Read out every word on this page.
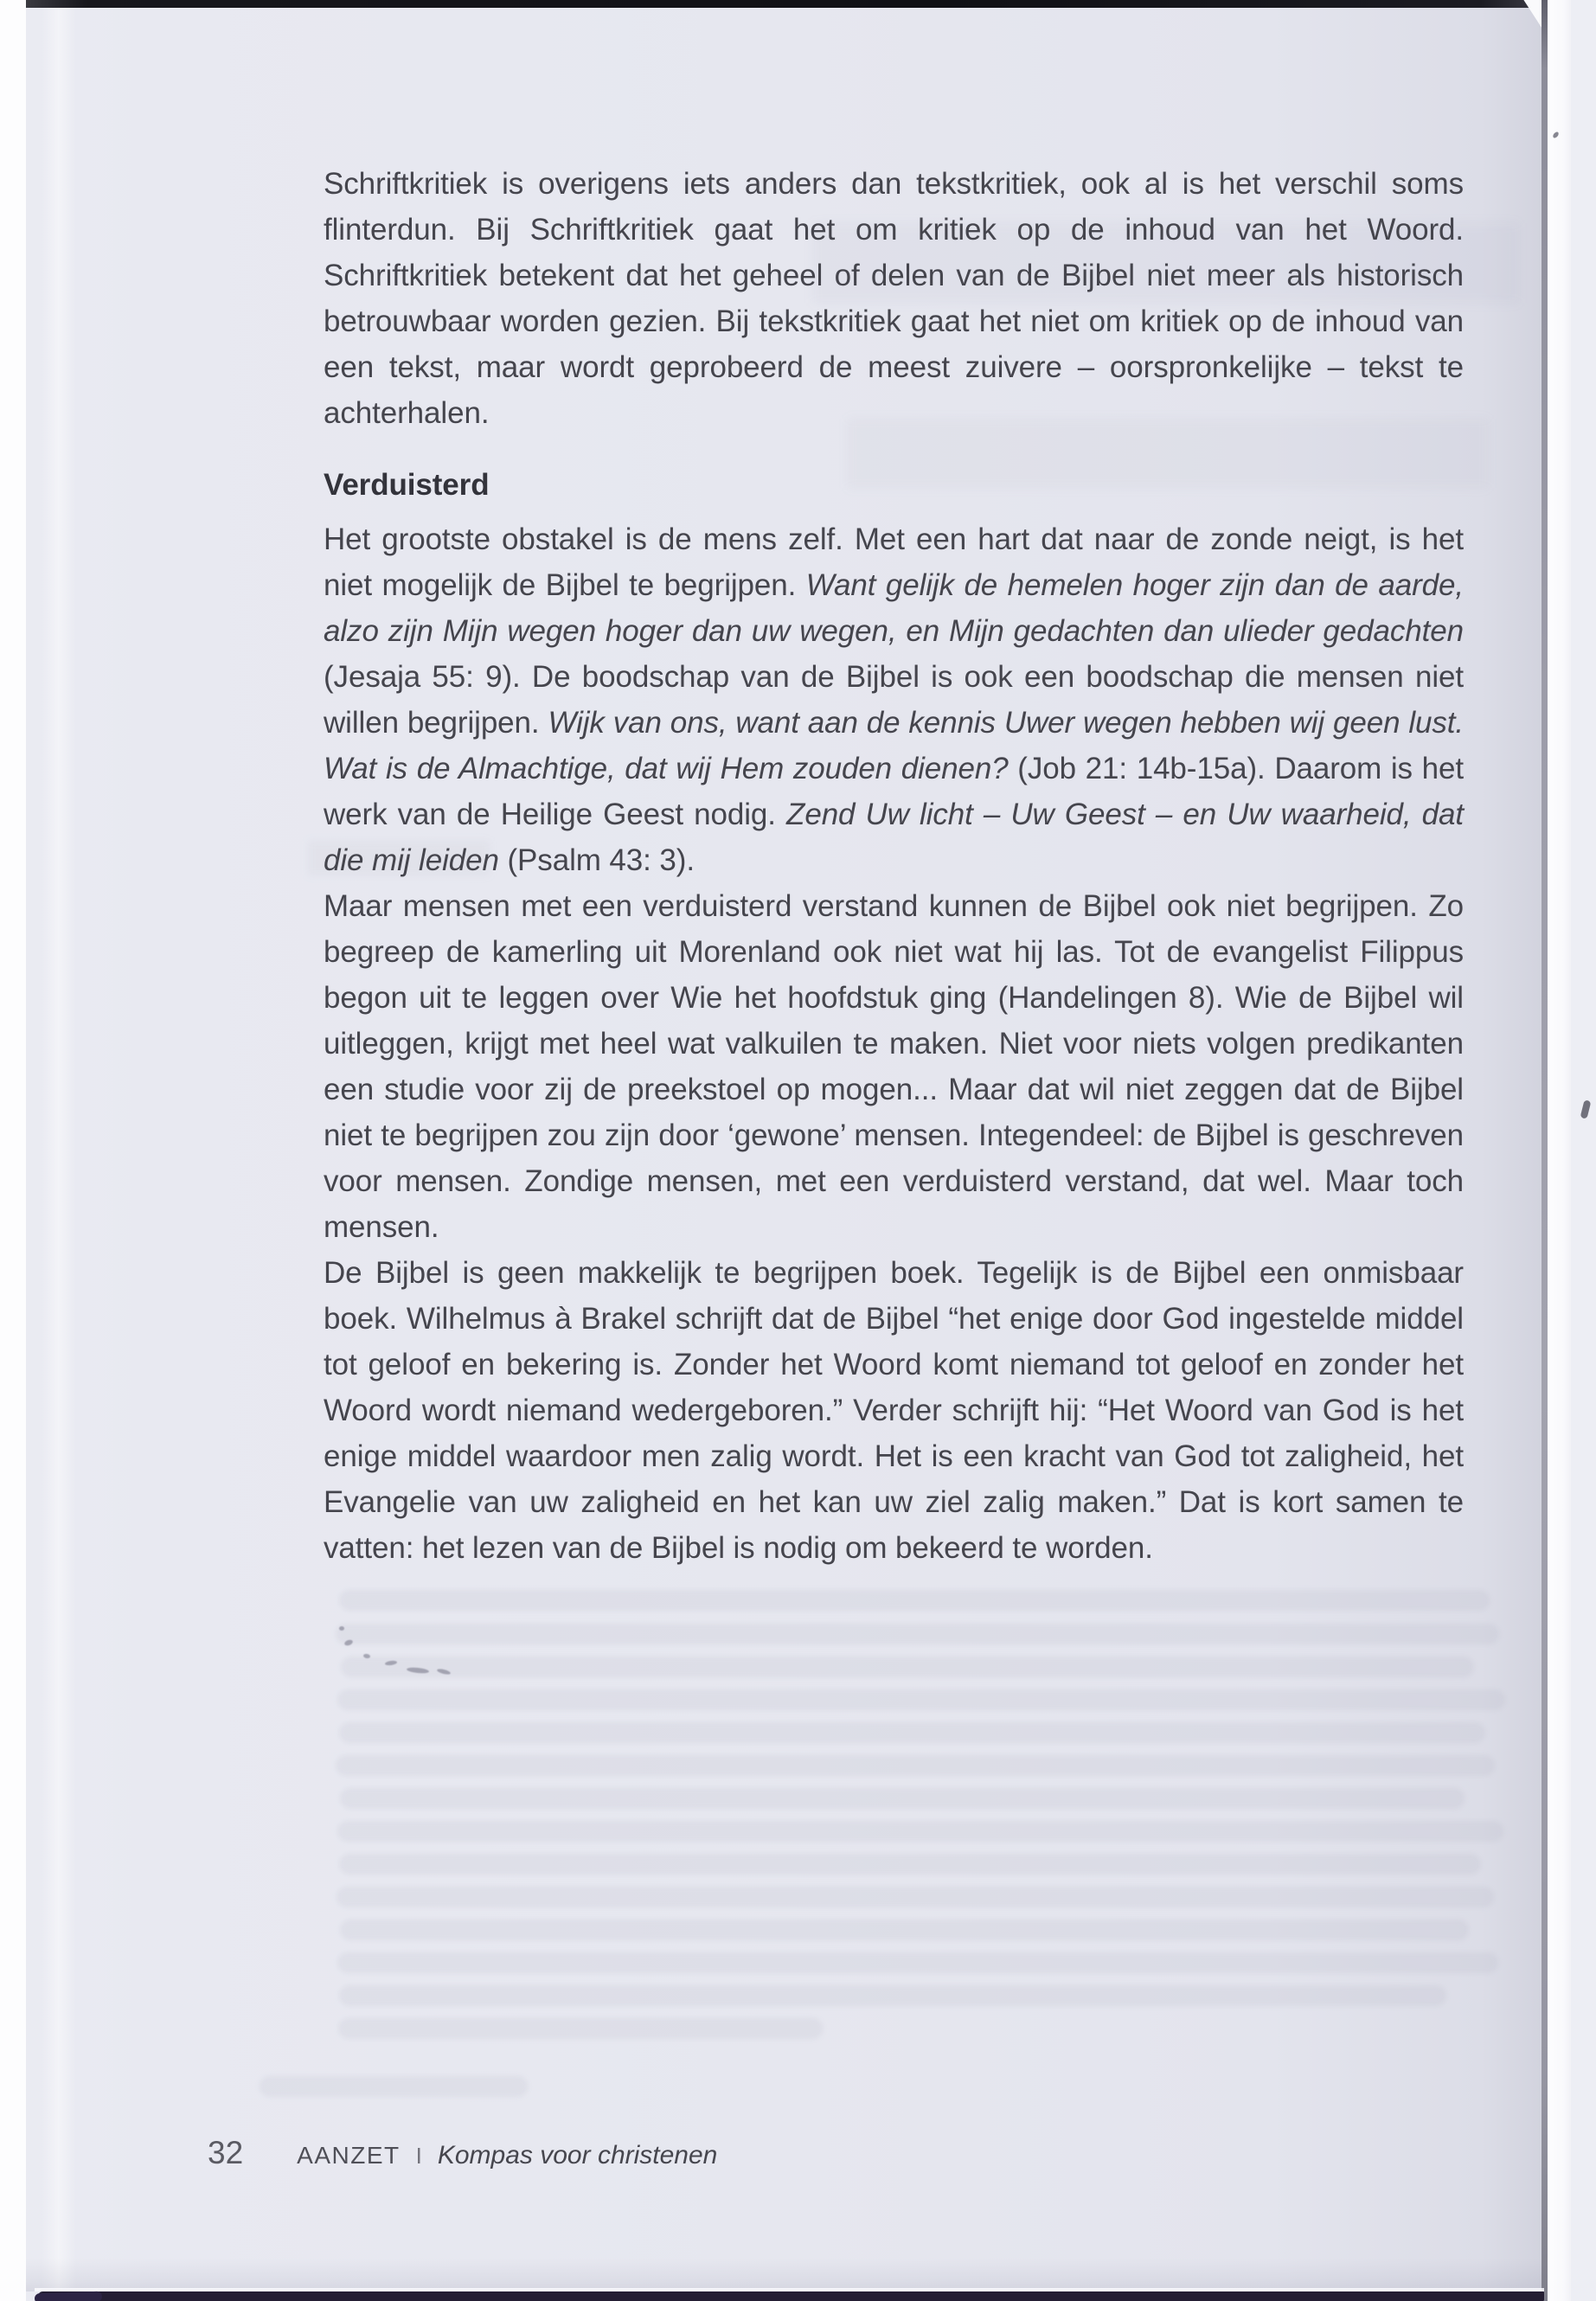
Schriftkritiek is overigens iets anders dan tekstkritiek, ook al is het verschil soms flinterdun. Bij Schriftkritiek gaat het om kritiek op de inhoud van het Woord. Schriftkritiek betekent dat het geheel of delen van de Bijbel niet meer als historisch betrouwbaar worden gezien. Bij tekstkritiek gaat het niet om kritiek op de inhoud van een tekst, maar wordt geprobeerd de meest zuivere – oorspronkelijke – tekst te achterhalen.

Verduisterd

Het grootste obstakel is de mens zelf. Met een hart dat naar de zonde neigt, is het niet mogelijk de Bijbel te begrijpen. Want gelijk de hemelen hoger zijn dan de aarde, alzo zijn Mijn wegen hoger dan uw wegen, en Mijn gedachten dan ulieder gedachten (Jesaja 55: 9). De boodschap van de Bijbel is ook een boodschap die mensen niet willen begrijpen. Wijk van ons, want aan de kennis Uwer wegen hebben wij geen lust. Wat is de Almachtige, dat wij Hem zouden dienen? (Job 21: 14b-15a). Daarom is het werk van de Heilige Geest nodig. Zend Uw licht – Uw Geest – en Uw waarheid, dat die mij leiden (Psalm 43: 3).

Maar mensen met een verduisterd verstand kunnen de Bijbel ook niet begrijpen. Zo begreep de kamerling uit Morenland ook niet wat hij las. Tot de evangelist Filippus begon uit te leggen over Wie het hoofdstuk ging (Handelingen 8). Wie de Bijbel wil uitleggen, krijgt met heel wat valkuilen te maken. Niet voor niets volgen predikanten een studie voor zij de preekstoel op mogen... Maar dat wil niet zeggen dat de Bijbel niet te begrijpen zou zijn door ‘gewone’ mensen. Integendeel: de Bijbel is geschreven voor mensen. Zondige mensen, met een verduisterd verstand, dat wel. Maar toch mensen.

De Bijbel is geen makkelijk te begrijpen boek. Tegelijk is de Bijbel een onmisbaar boek. Wilhelmus à Brakel schrijft dat de Bijbel “het enige door God ingestelde middel tot geloof en bekering is. Zonder het Woord komt niemand tot geloof en zonder het Woord wordt niemand wedergeboren.” Verder schrijft hij: “Het Woord van God is het enige middel waardoor men zalig wordt. Het is een kracht van God tot zaligheid, het Evangelie van uw zaligheid en het kan uw ziel zalig maken.” Dat is kort samen te vatten: het lezen van de Bijbel is nodig om bekeerd te worden.

32 AANZET I Kompas voor christenen
